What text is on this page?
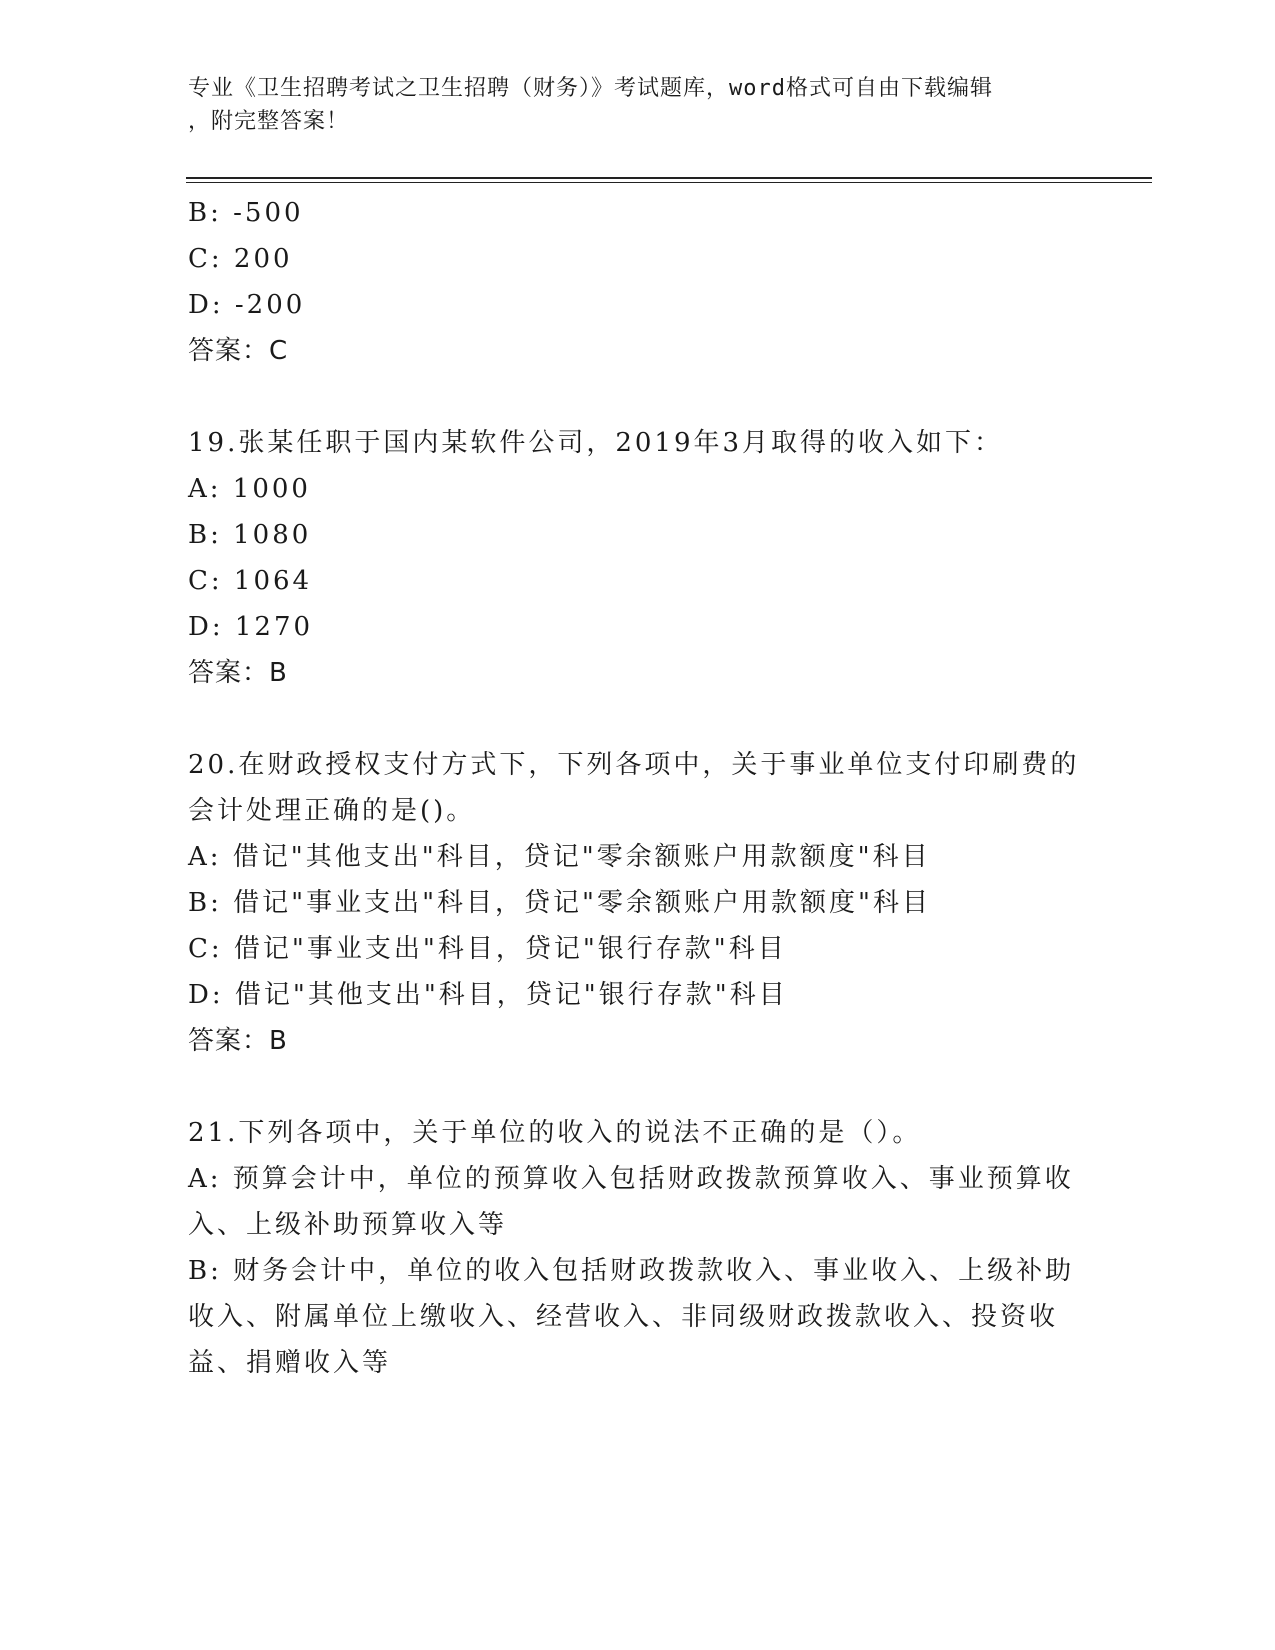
专业《卫生招聘考试之卫生招聘（财务）》考试题库，word格式可自由下载编辑
，附完整答案！
B: -500
C: 200
D: -200
答案：C
19.张某任职于国内某软件公司，2019年3月取得的收入如下：
A: 1000
B: 1080
C: 1064
D: 1270
答案：B
20.在财政授权支付方式下，下列各项中，关于事业单位支付印刷费的
会计处理正确的是()。
A: 借记"其他支出"科目，贷记"零余额账户用款额度"科目
B: 借记"事业支出"科目，贷记"零余额账户用款额度"科目
C: 借记"事业支出"科目，贷记"银行存款"科目
D: 借记"其他支出"科目，贷记"银行存款"科目
答案：B
21.下列各项中，关于单位的收入的说法不正确的是（）。
A: 预算会计中，单位的预算收入包括财政拨款预算收入、事业预算收
入、上级补助预算收入等
B: 财务会计中，单位的收入包括财政拨款收入、事业收入、上级补助
收入、附属单位上缴收入、经营收入、非同级财政拨款收入、投资收
益、捐赠收入等
